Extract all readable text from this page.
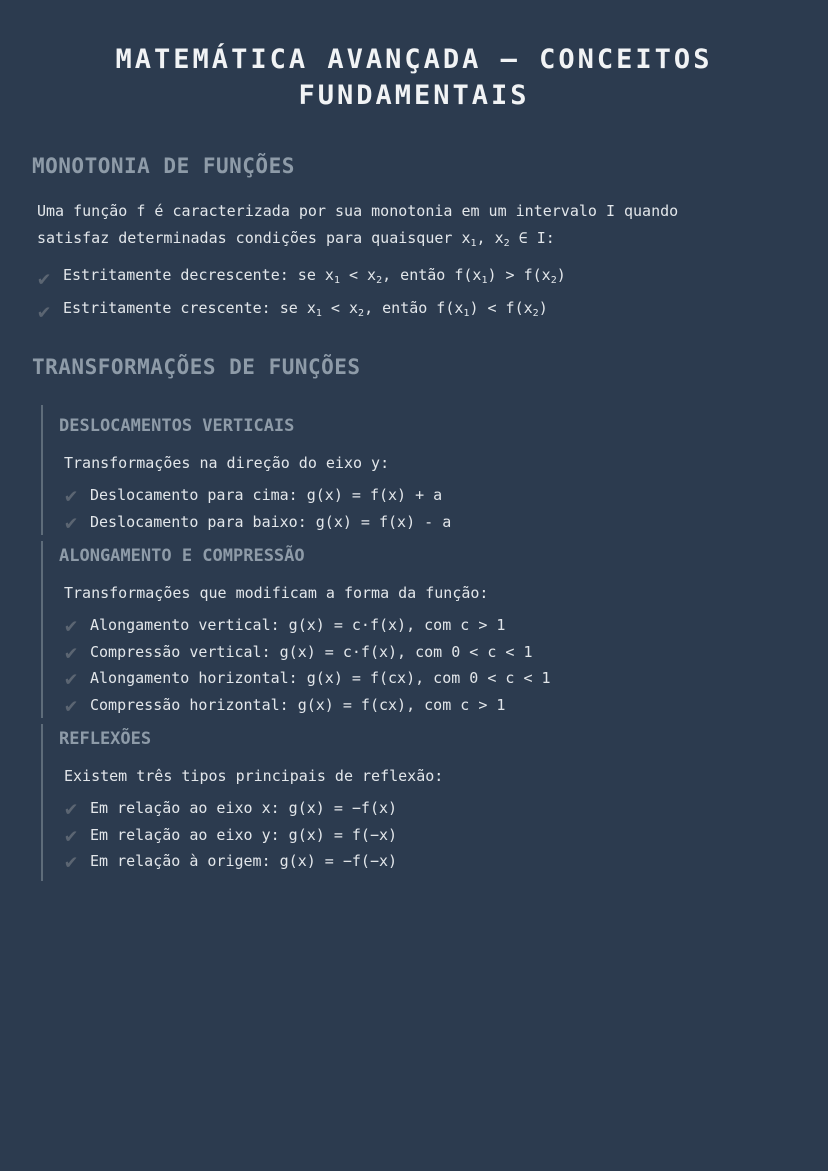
MATEMÁTICA AVANÇADA – CONCEITOS FUNDAMENTAIS
MONOTONIA DE FUNÇÕES
Uma função f é caracterizada por sua monotonia em um intervalo I quando
satisfaz determinadas condições para quaisquer $x_1$, $x_2$ ∈ I:
✔ Estritamente decrescente: se $x_1 < x_2$, então $f(x_1) > f(x_2)$
✔ Estritamente crescente: se $x_1 < x_2$, então $f(x_1) < f(x_2)$
TRANSFORMAÇÕES DE FUNÇÕES
DESLOCAMENTOS VERTICAIS
Transformações na direção do eixo y:
✔ Deslocamento para cima: g(x) = f(x) + a
✔ Deslocamento para baixo: g(x) = f(x) - a
ALONGAMENTO E COMPRESSÃO
Transformações que modificam a forma da função:
✔ Alongamento vertical: g(x) = c·f(x), com c > 1
✔ Compressão vertical: g(x) = c·f(x), com 0 < c < 1
✔ Alongamento horizontal: g(x) = f(cx), com 0 < c < 1
✔ Compressão horizontal: g(x) = f(cx), com c > 1
REFLEXÕES
Existem três tipos principais de reflexão:
✔ Em relação ao eixo x: g(x) = −f(x)
✔ Em relação ao eixo y: g(x) = f(−x)
✔ Em relação à origem: g(x) = −f(−x)
